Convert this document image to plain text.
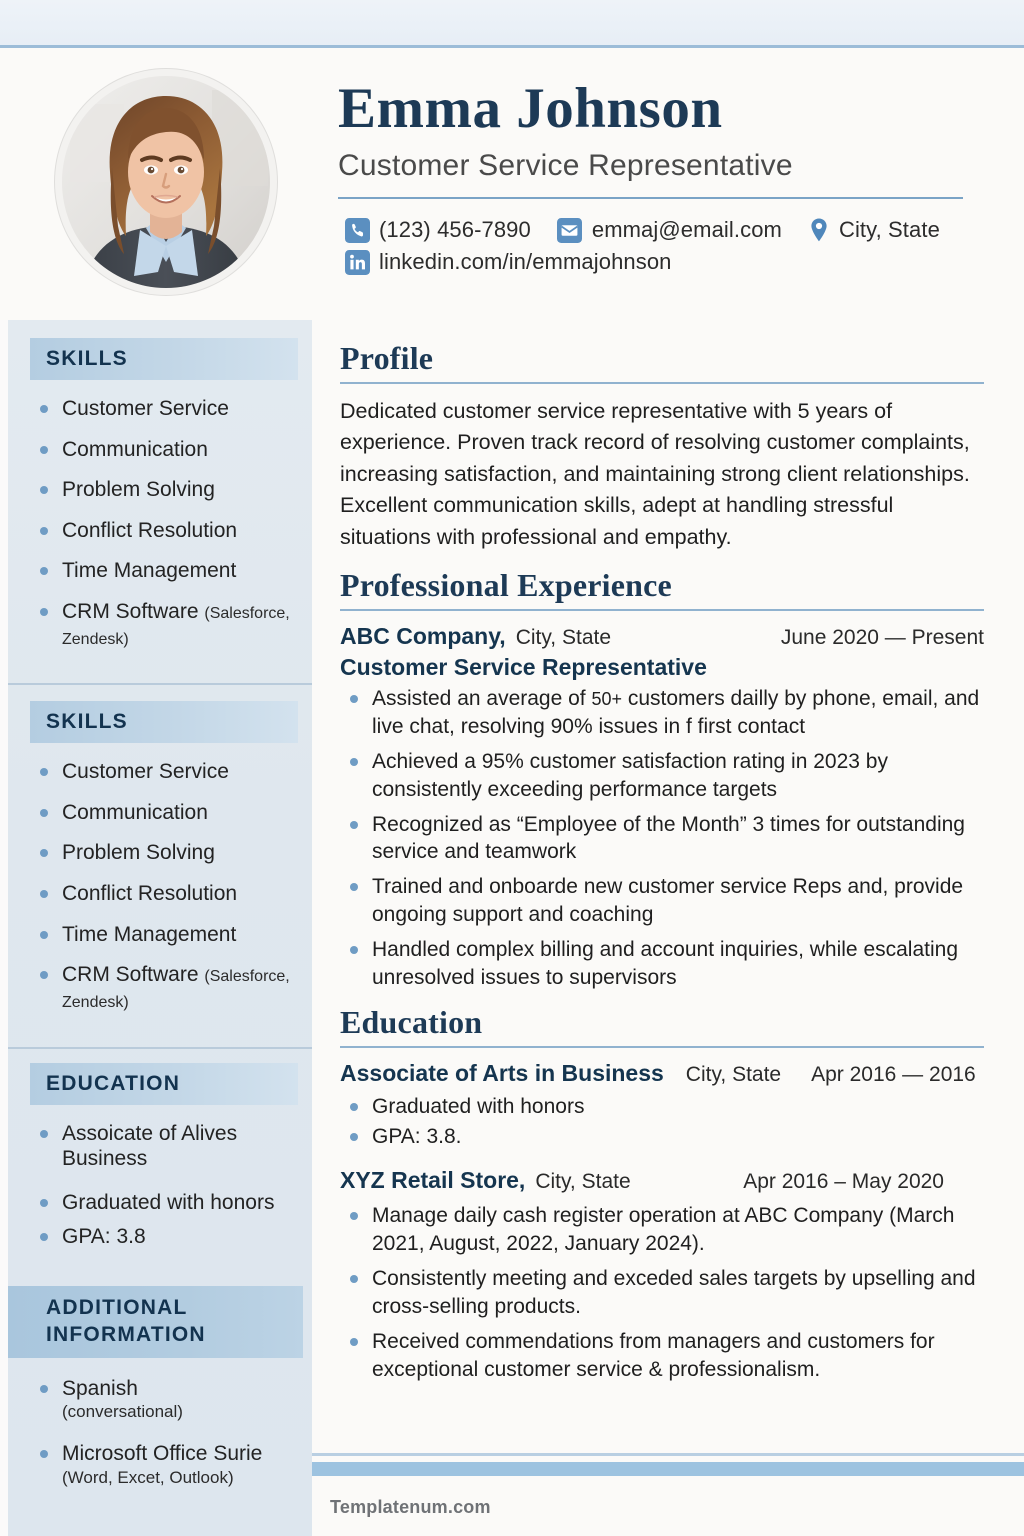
Emma Johnson
Customer Service Representative
(123) 456-7890	emmaj@email.com	City, State
linkedin.com/in/emmajohnson
SKILLS
Customer Service
Communication
Problem Solving
Conflict Resolution
Time Management
CRM Software (Salesforce, Zendesk)
SKILLS
Customer Service
Communication
Problem Solving
Conflict Resolution
Time Management
CRM Software (Salesforce, Zendesk)
EDUCATION
Assoicate of Alives Business
Graduated with honors
GPA: 3.8
ADDITIONAL INFORMATION
Spanish
(conversational)
Microsoft Office Surie
(Word, Excet, Outlook)
Profile
Dedicated customer service representative with 5 years of experience. Proven track record of resolving customer complaints, increasing satisfaction, and maintaining strong client relationships. Excellent communication skills, adept at handling stressful situations with professional and empathy.
Professional Experience
ABC Company, City, State	June 2020 — Present
Customer Service Representative
Assisted an average of 50+ customers dailly by phone, email, and live chat, resolving 90% issues in f first contact
Achieved a 95% customer satisfaction rating in 2023 by consistently exceeding performance targets
Recognized as “Employee of the Month” 3 times for outstanding service and teamwork
Trained and onboarde new customer service Reps and, provide ongoing support and coaching
Handled complex billing and account inquiries, while escalating unresolved issues to supervisors
Education
Associate of Arts in Business City, State Apr 2016 — 2016
Graduated with honors
GPA: 3.8.
XYZ Retail Store, City, State	Apr 2016 – May 2020
Manage daily cash register operation at ABC Company (March 2021, August, 2022, January 2024).
Consistently meeting and exceded sales targets by upselling and cross-selling products.
Received commendations from managers and customers for exceptional customer service & professionalism.
Templatenum.com
